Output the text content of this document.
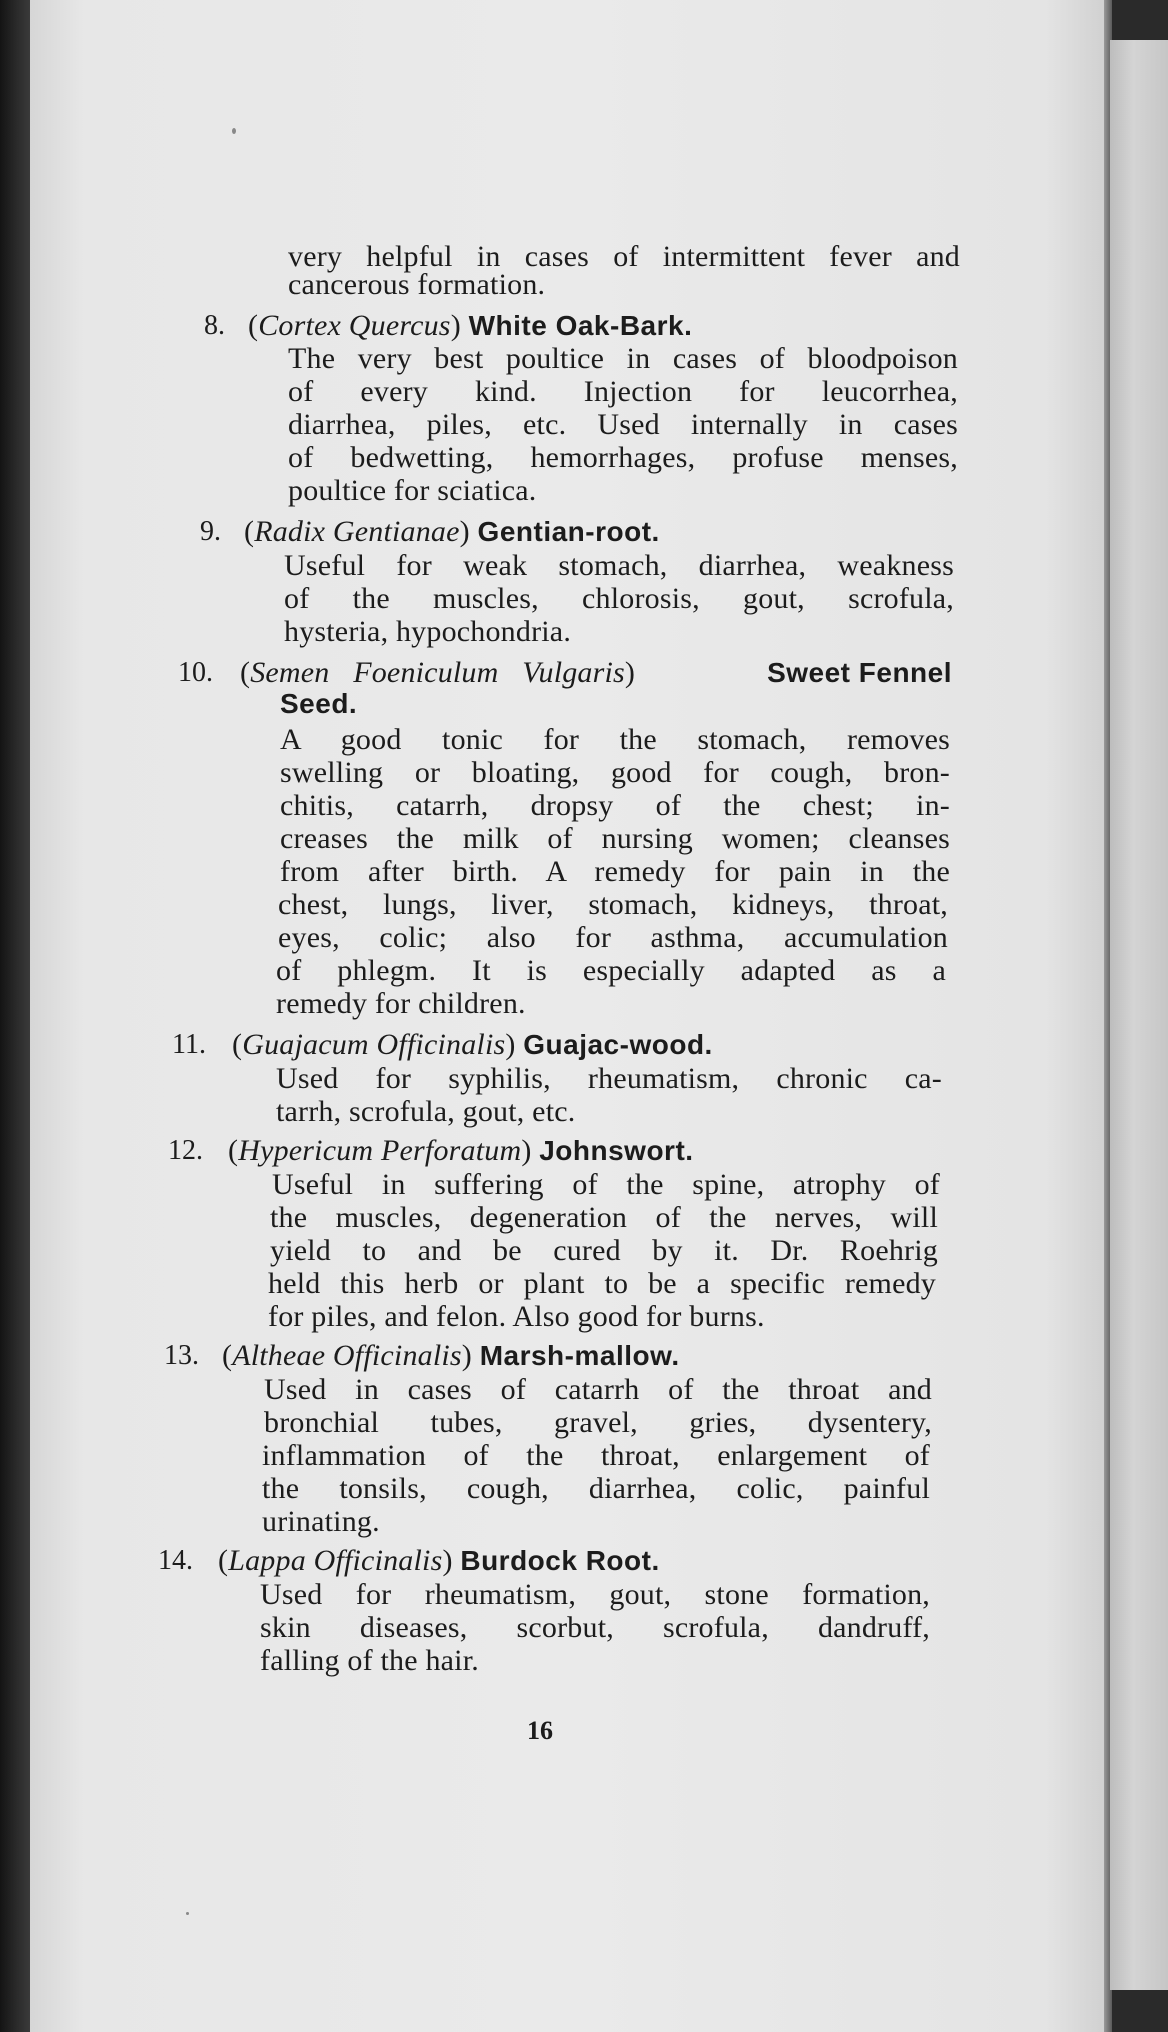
very helpful in cases of intermittent fever and
cancerous formation.
8. (Cortex Quercus) White Oak-Bark.
The very best poultice in cases of bloodpoison
of every kind. Injection for leucorrhea,
diarrhea, piles, etc. Used internally in cases
of bedwetting, hemorrhages, profuse menses,
poultice for sciatica.
9. (Radix Gentianae) Gentian-root.
Useful for weak stomach, diarrhea, weakness
of the muscles, chlorosis, gout, scrofula,
hysteria, hypochondria.
10. (Semen Foeniculum Vulgaris)	Sweet Fennel
Seed.
A good tonic for the stomach, removes
swelling or bloating, good for cough, bron-
chitis, catarrh, dropsy of the chest; in-
creases the milk of nursing women; cleanses
from after birth. A remedy for pain in the
chest, lungs, liver, stomach, kidneys, throat,
eyes, colic; also for asthma, accumulation
of phlegm. It is especially adapted as a
remedy for children.
11. (Guajacum Officinalis) Guajac-wood.
Used for syphilis, rheumatism, chronic ca-
tarrh, scrofula, gout, etc.
12. (Hypericum Perforatum) Johnswort.
Useful in suffering of the spine, atrophy of
the muscles, degeneration of the nerves, will
yield to and be cured by it. Dr. Roehrig
held this herb or plant to be a specific remedy
for piles, and felon. Also good for burns.
13. (Altheae Officinalis) Marsh-mallow.
Used in cases of catarrh of the throat and
bronchial tubes, gravel, gries, dysentery,
inflammation of the throat, enlargement of
the tonsils, cough, diarrhea, colic, painful
urinating.
14. (Lappa Officinalis) Burdock Root.
Used for rheumatism, gout, stone formation,
skin diseases, scorbut, scrofula, dandruff,
falling of the hair.
16
